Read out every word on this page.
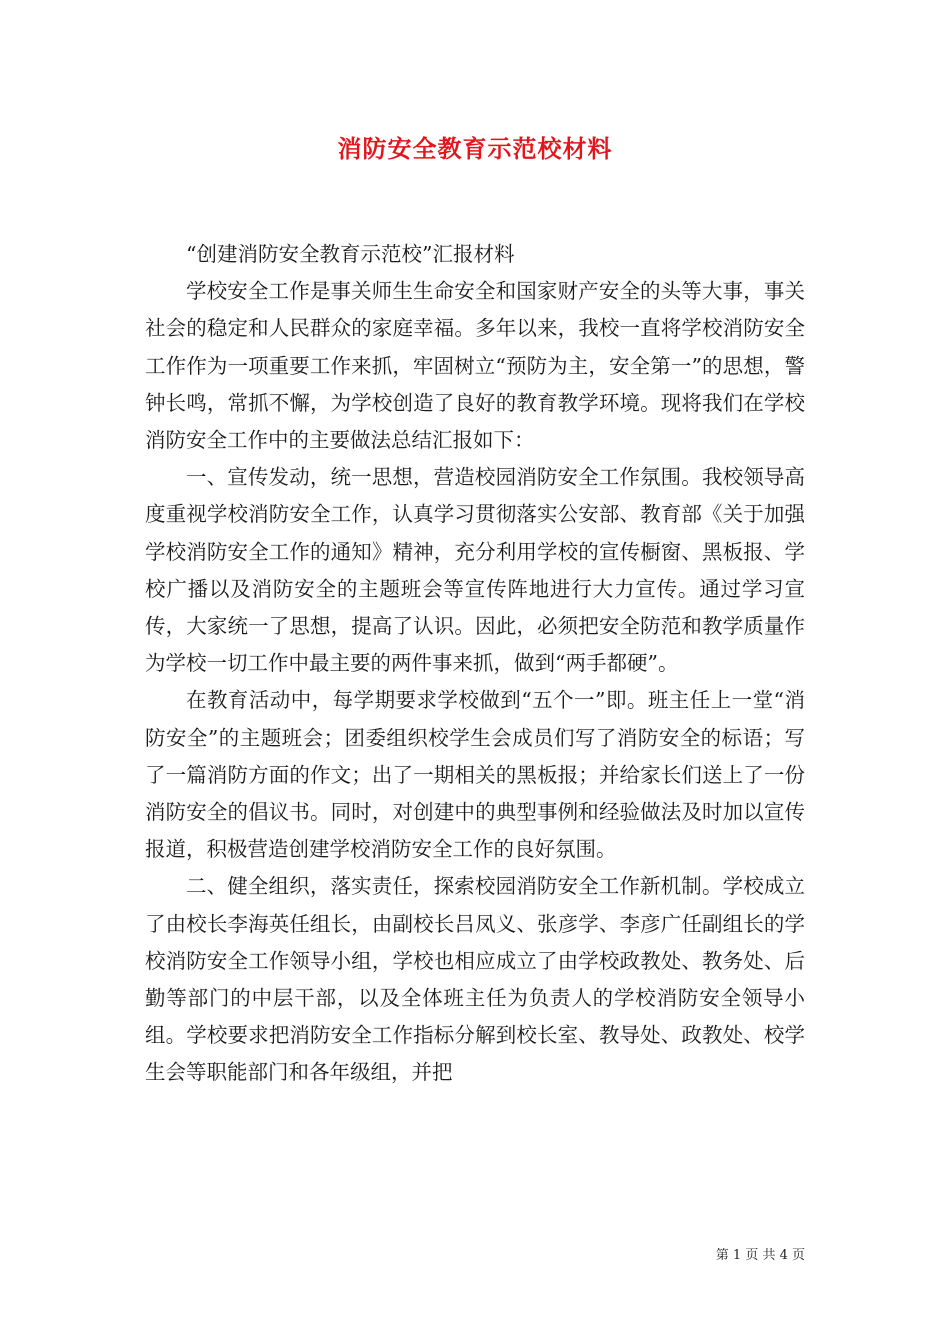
消防安全教育示范校材料

“创建消防安全教育示范校”汇报材料

学校安全工作是事关师生生命安全和国家财产安全的头等大事，事关社会的稳定和人民群众的家庭幸福。多年以来，我校一直将学校消防安全工作作为一项重要工作来抓，牢固树立“预防为主，安全第一”的思想，警钟长鸣，常抓不懈，为学校创造了良好的教育教学环境。现将我们在学校消防安全工作中的主要做法总结汇报如下：

一、宣传发动，统一思想，营造校园消防安全工作氛围。我校领导高度重视学校消防安全工作，认真学习贯彻落实公安部、教育部《关于加强学校消防安全工作的通知》精神，充分利用学校的宣传橱窗、黑板报、学校广播以及消防安全的主题班会等宣传阵地进行大力宣传。通过学习宣传，大家统一了思想，提高了认识。因此，必须把安全防范和教学质量作为学校一切工作中最主要的两件事来抓，做到“两手都硬”。

在教育活动中，每学期要求学校做到“五个一”即。班主任上一堂“消防安全”的主题班会；团委组织校学生会成员们写了消防安全的标语；写了一篇消防方面的作文；出了一期相关的黑板报；并给家长们送上了一份消防安全的倡议书。同时，对创建中的典型事例和经验做法及时加以宣传报道，积极营造创建学校消防安全工作的良好氛围。

二、健全组织，落实责任，探索校园消防安全工作新机制。学校成立了由校长李海英任组长，由副校长吕凤义、张彦学、李彦广任副组长的学校消防安全工作领导小组，学校也相应成立了由学校政教处、教务处、后勤等部门的中层干部，以及全体班主任为负责人的学校消防安全领导小组。学校要求把消防安全工作指标分解到校长室、教导处、政教处、校学生会等职能部门和各年级组，并把

第 1 页 共 4 页
